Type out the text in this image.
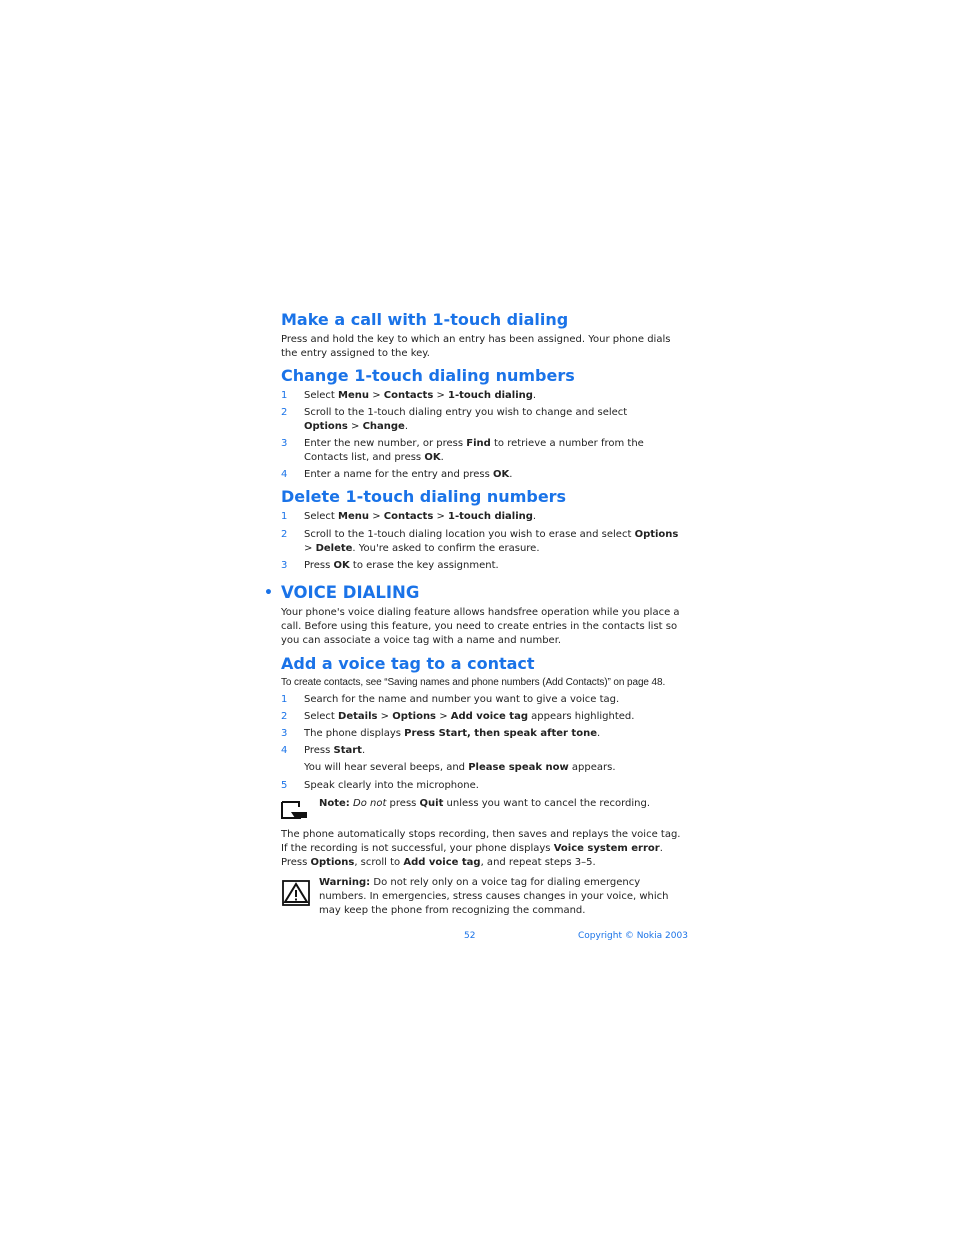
Make a call with 1-touch dialing

Press and hold the key to which an entry has been assigned. Your phone dials the entry assigned to the key.

Change 1-touch dialing numbers
1 Select Menu > Contacts > 1-touch dialing.
2 Scroll to the 1-touch dialing entry you wish to change and select
Options > Change.
3 Enter the new number, or press Find to retrieve a number from the Contacts list, and press OK.
4 Enter a name for the entry and press OK.
Delete 1-touch dialing numbers
1 Select Menu > Contacts > 1-touch dialing.
2 Scroll to the 1-touch dialing location you wish to erase and select Options > Delete. You're asked to confirm the erasure.
3 Press OK to erase the key assignment.
• VOICE DIALING

Your phone's voice dialing feature allows handsfree operation while you place a call. Before using this feature, you need to create entries in the contacts list so you can associate a voice tag with a name and number.

Add a voice tag to a contact

To create contacts, see “Saving names and phone numbers (Add Contacts)” on page 48.

1 Search for the name and number you want to give a voice tag.
2 Select Details > Options > Add voice tag appears highlighted.
3 The phone displays Press Start, then speak after tone.
4 Press Start.
You will hear several beeps, and Please speak now appears.
5 Speak clearly into the microphone.

Note: Do not press Quit unless you want to cancel the recording.

The phone automatically stops recording, then saves and replays the voice tag. If the recording is not successful, your phone displays Voice system error.
Press Options, scroll to Add voice tag, and repeat steps 3–5.

Warning: Do not rely only on a voice tag for dialing emergency numbers. In emergencies, stress causes changes in your voice, which may keep the phone from recognizing the command.

52	Copyright © Nokia 2003
